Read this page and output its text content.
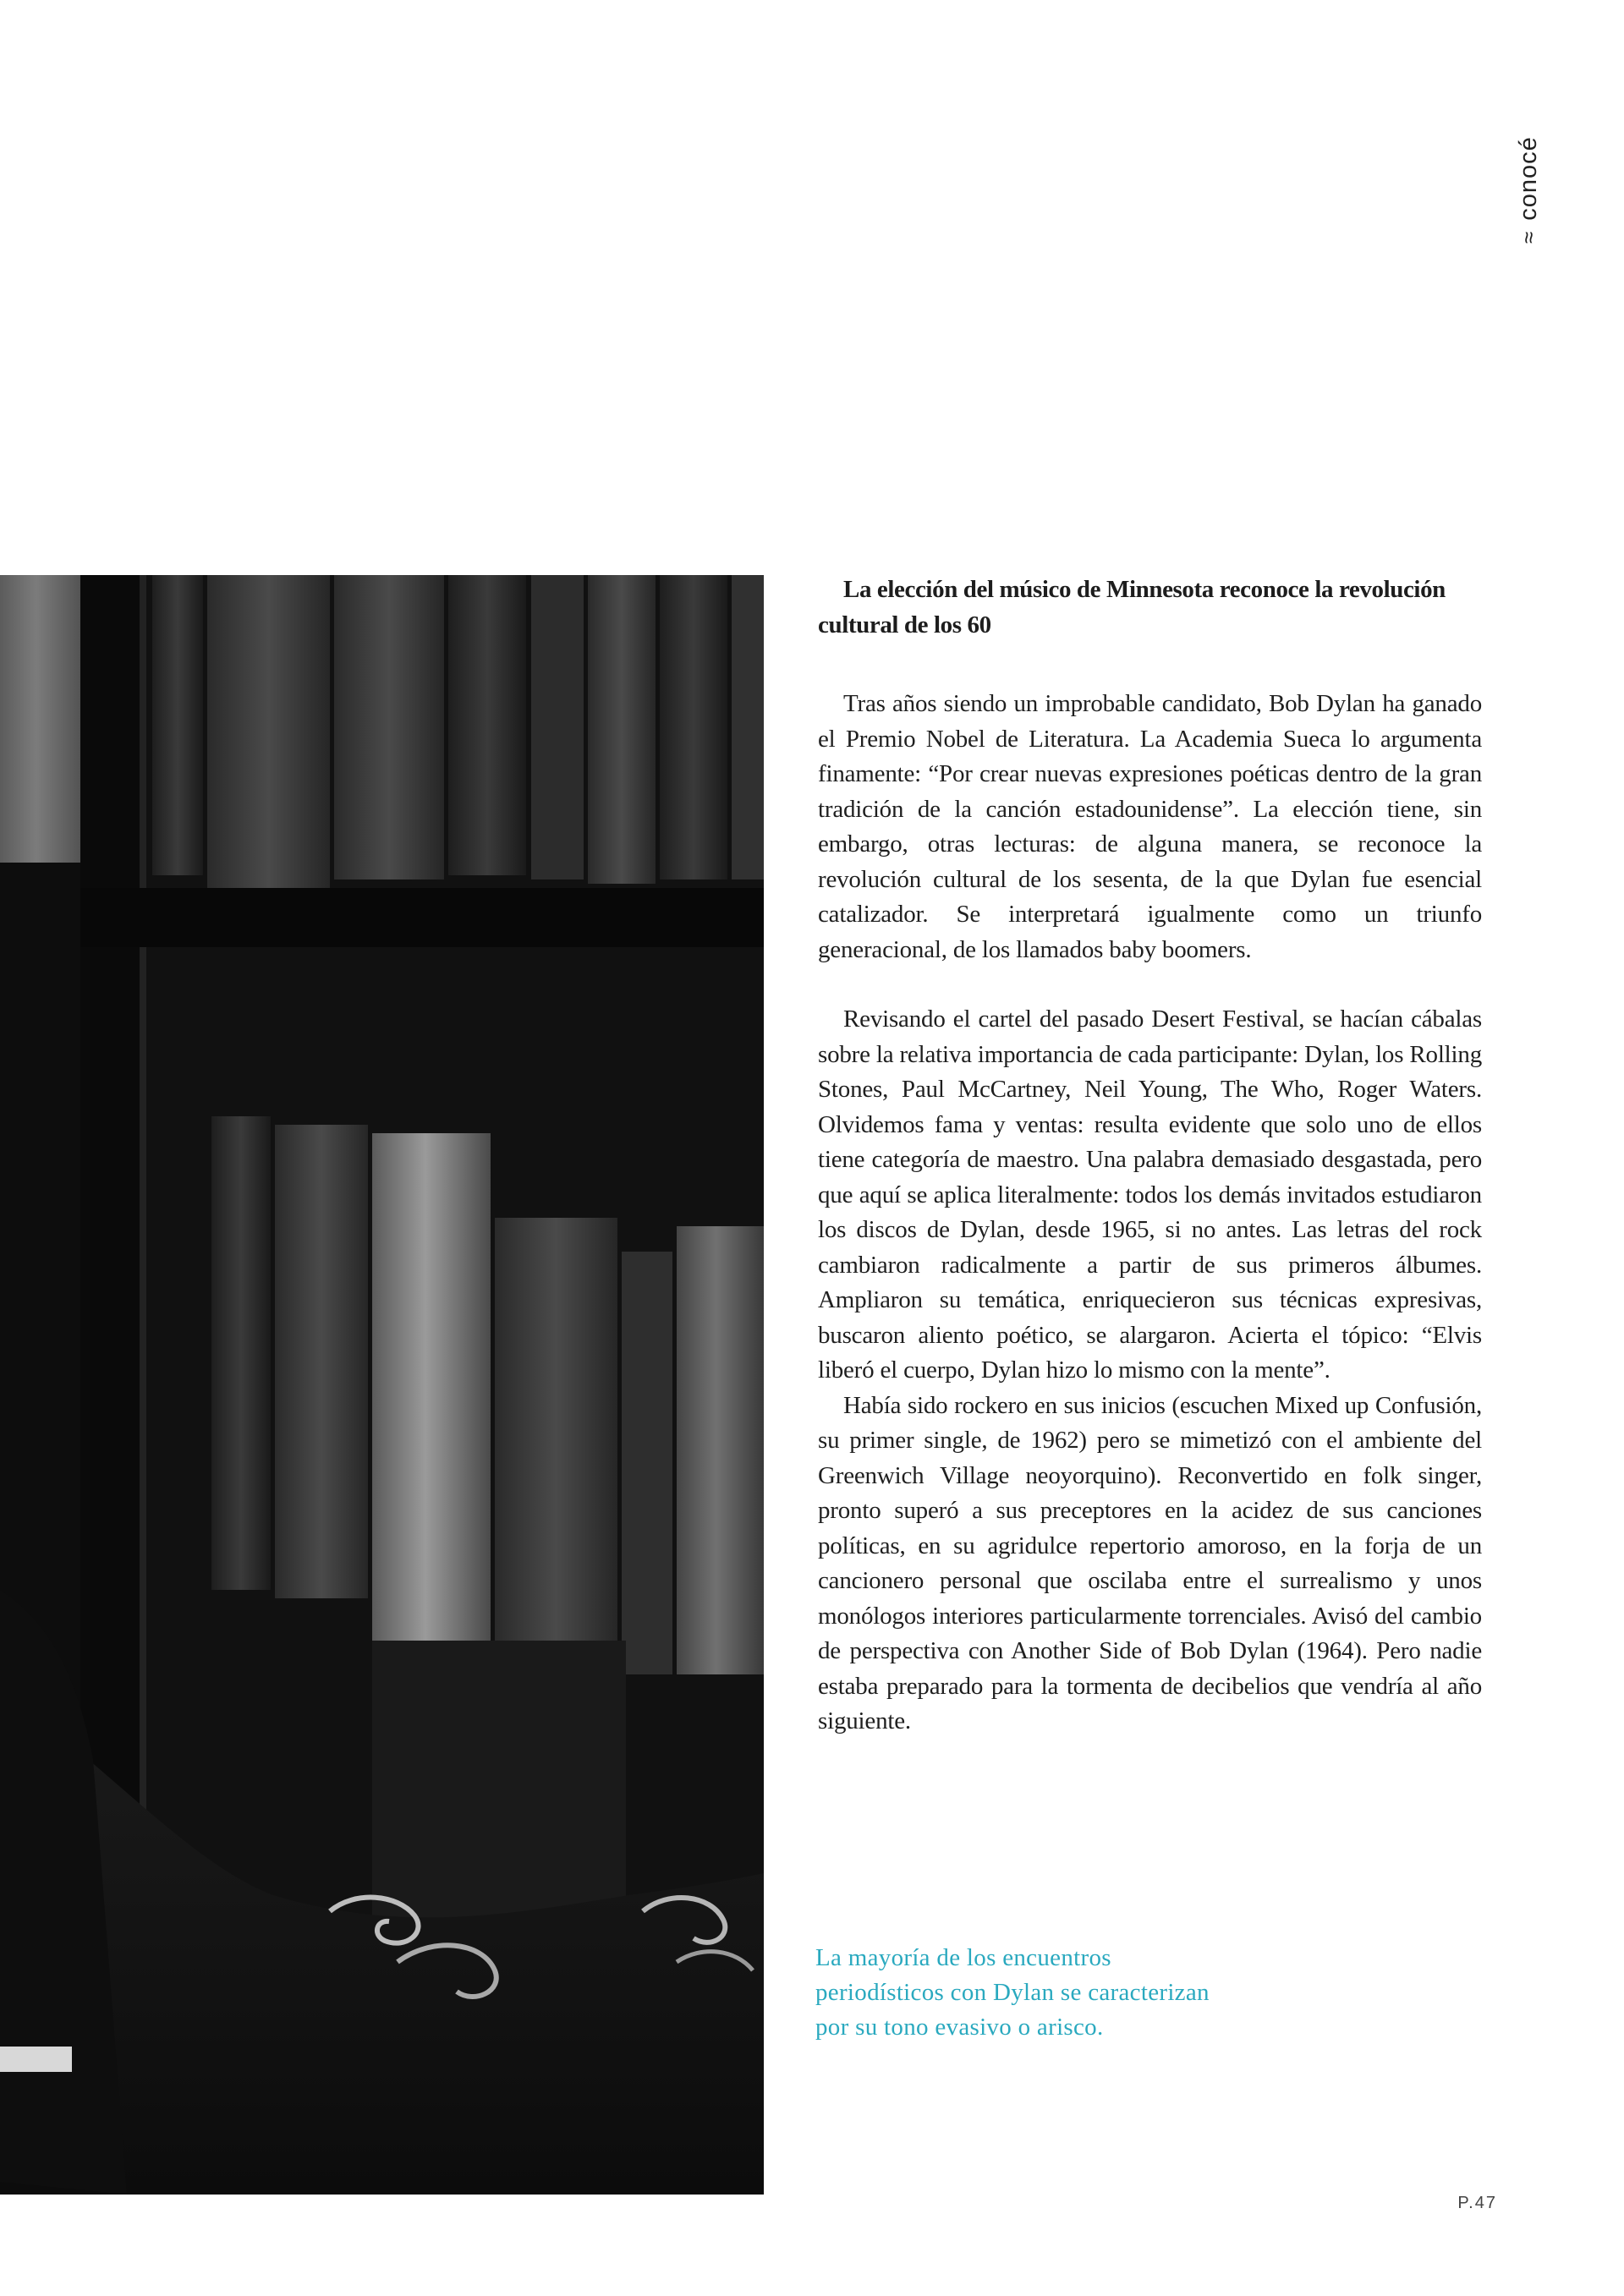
≈
conocé
La elección del músico de Minnesota reconoce la revolución cultural de los 60

Tras años siendo un improbable candidato, Bob Dylan ha ganado el Premio Nobel de Literatura. La Academia Sueca lo argumenta finamente: “Por crear nuevas expresiones poéticas dentro de la gran tradición de la canción estadounidense”. La elección tiene, sin embargo, otras lecturas: de alguna manera, se reconoce la revolución cultural de los sesenta, de la que Dylan fue esencial catalizador. Se interpretará igualmente como un triunfo generacional, de los llamados baby boomers.

Revisando el cartel del pasado Desert Festival, se hacían cábalas sobre la relativa importancia de cada participante: Dylan, los Rolling Stones, Paul McCartney, Neil Young, The Who, Roger Waters. Olvidemos fama y ventas: resulta evidente que solo uno de ellos tiene categoría de maestro. Una palabra demasiado desgastada, pero que aquí se aplica literalmente: todos los demás invitados estudiaron los discos de Dylan, desde 1965, si no antes. Las letras del rock cambiaron radicalmente a partir de sus primeros álbumes. Ampliaron su temática, enriquecieron sus técnicas expresivas, buscaron aliento poético, se alargaron. Acierta el tópico: “Elvis liberó el cuerpo, Dylan hizo lo mismo con la mente”.

Había sido rockero en sus inicios (escuchen Mixed up Confusión, su primer single, de 1962) pero se mimetizó con el ambiente del Greenwich Village neoyorquino). Reconvertido en folk singer, pronto superó a sus preceptores en la acidez de sus canciones políticas, en su agridulce repertorio amoroso, en la forja de un cancionero personal que oscilaba entre el surrealismo y unos monólogos interiores particularmente torrenciales. Avisó del cambio de perspectiva con Another Side of Bob Dylan (1964). Pero nadie estaba preparado para la tormenta de decibelios que vendría al año siguiente.

La mayoría de los encuentros periodísticos con Dylan se caracterizan por su tono evasivo o arisco.

P.47
